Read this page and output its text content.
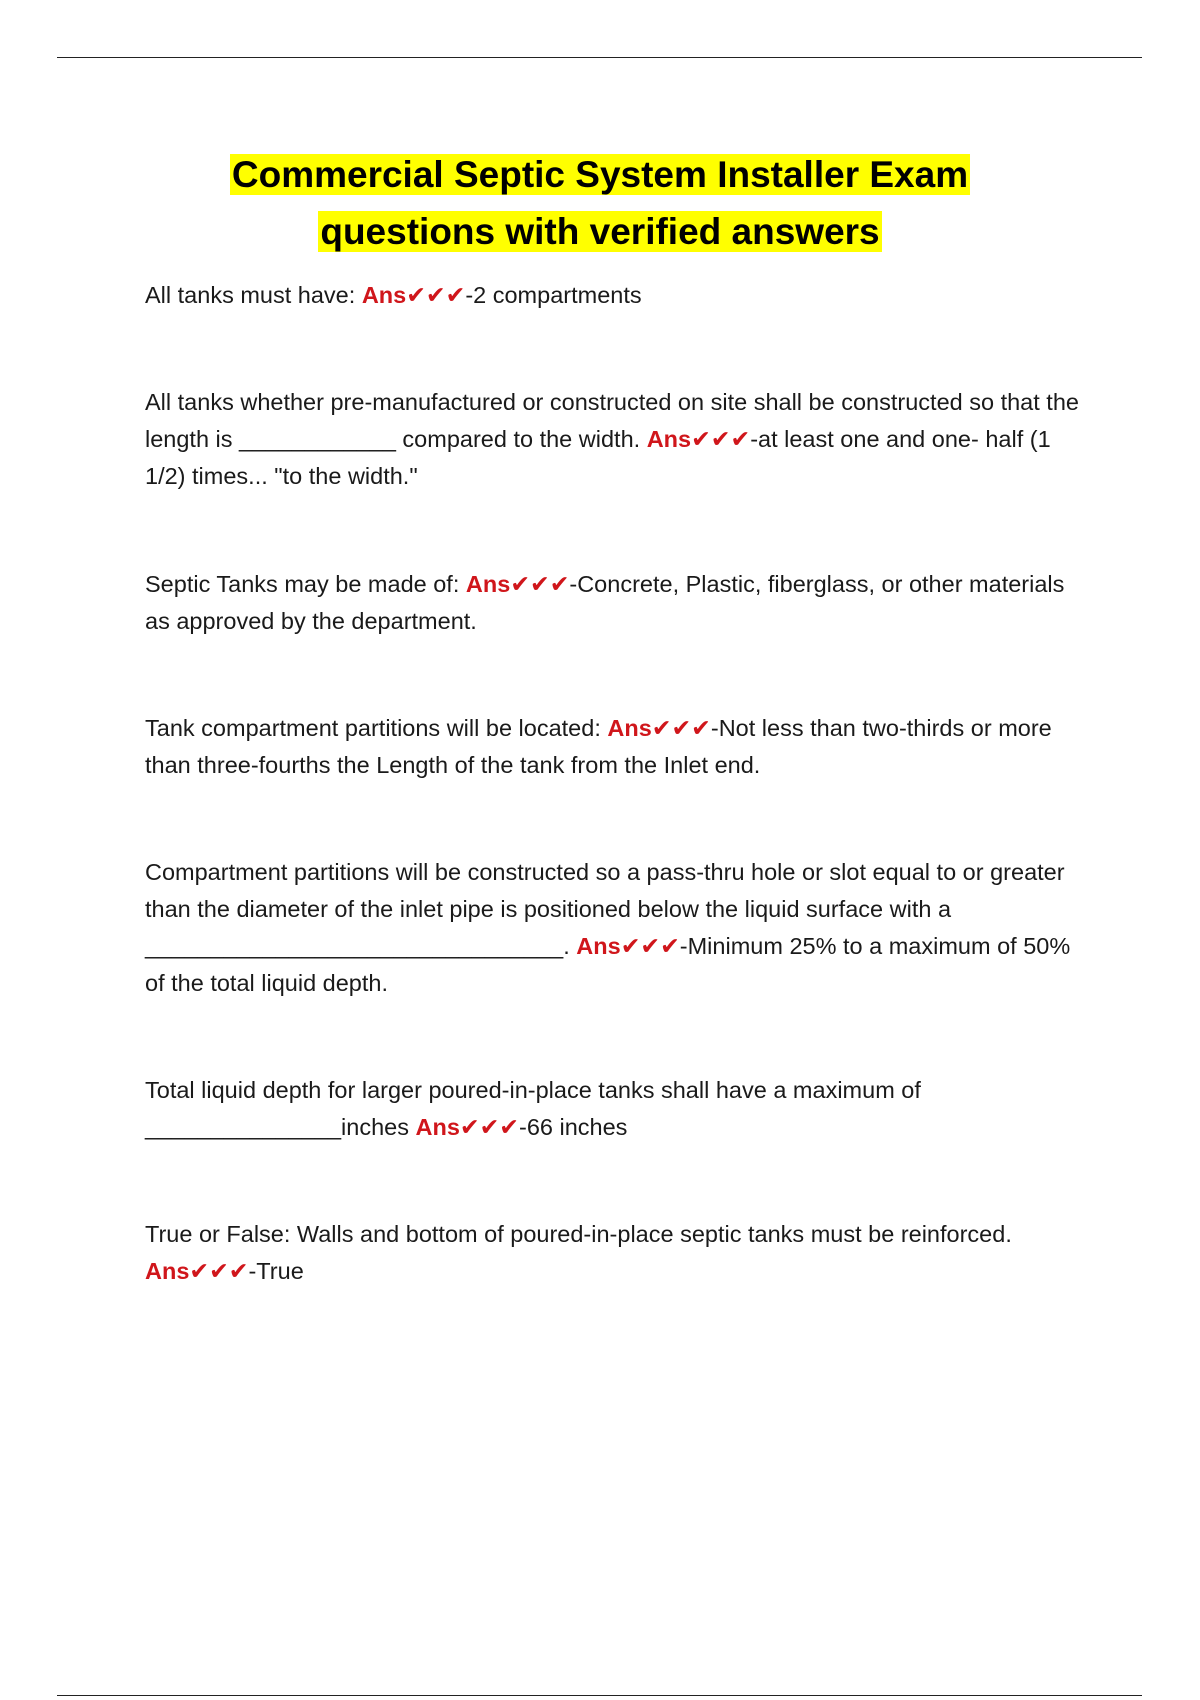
Commercial Septic System Installer Exam
questions with verified answers

All tanks must have: Ans✔✔✔-2 compartments

All tanks whether pre-manufactured or constructed on site shall be constructed so that the length is ____________ compared to the width. Ans✔✔✔-at least one and one- half (1 1/2) times... "to the width."

Septic Tanks may be made of: Ans✔✔✔-Concrete, Plastic, fiberglass, or other materials as approved by the department.

Tank compartment partitions will be located: Ans✔✔✔-Not less than two-thirds or more than three-fourths the Length of the tank from the Inlet end.

Compartment partitions will be constructed so a pass-thru hole or slot equal to or greater than the diameter of the inlet pipe is positioned below the liquid surface with a ________________________________. Ans✔✔✔-Minimum 25% to a maximum of 50% of the total liquid depth.

Total liquid depth for larger poured-in-place tanks shall have a maximum of _______________inches Ans✔✔✔-66 inches

True or False: Walls and bottom of poured-in-place septic tanks must be reinforced. Ans✔✔✔-True
